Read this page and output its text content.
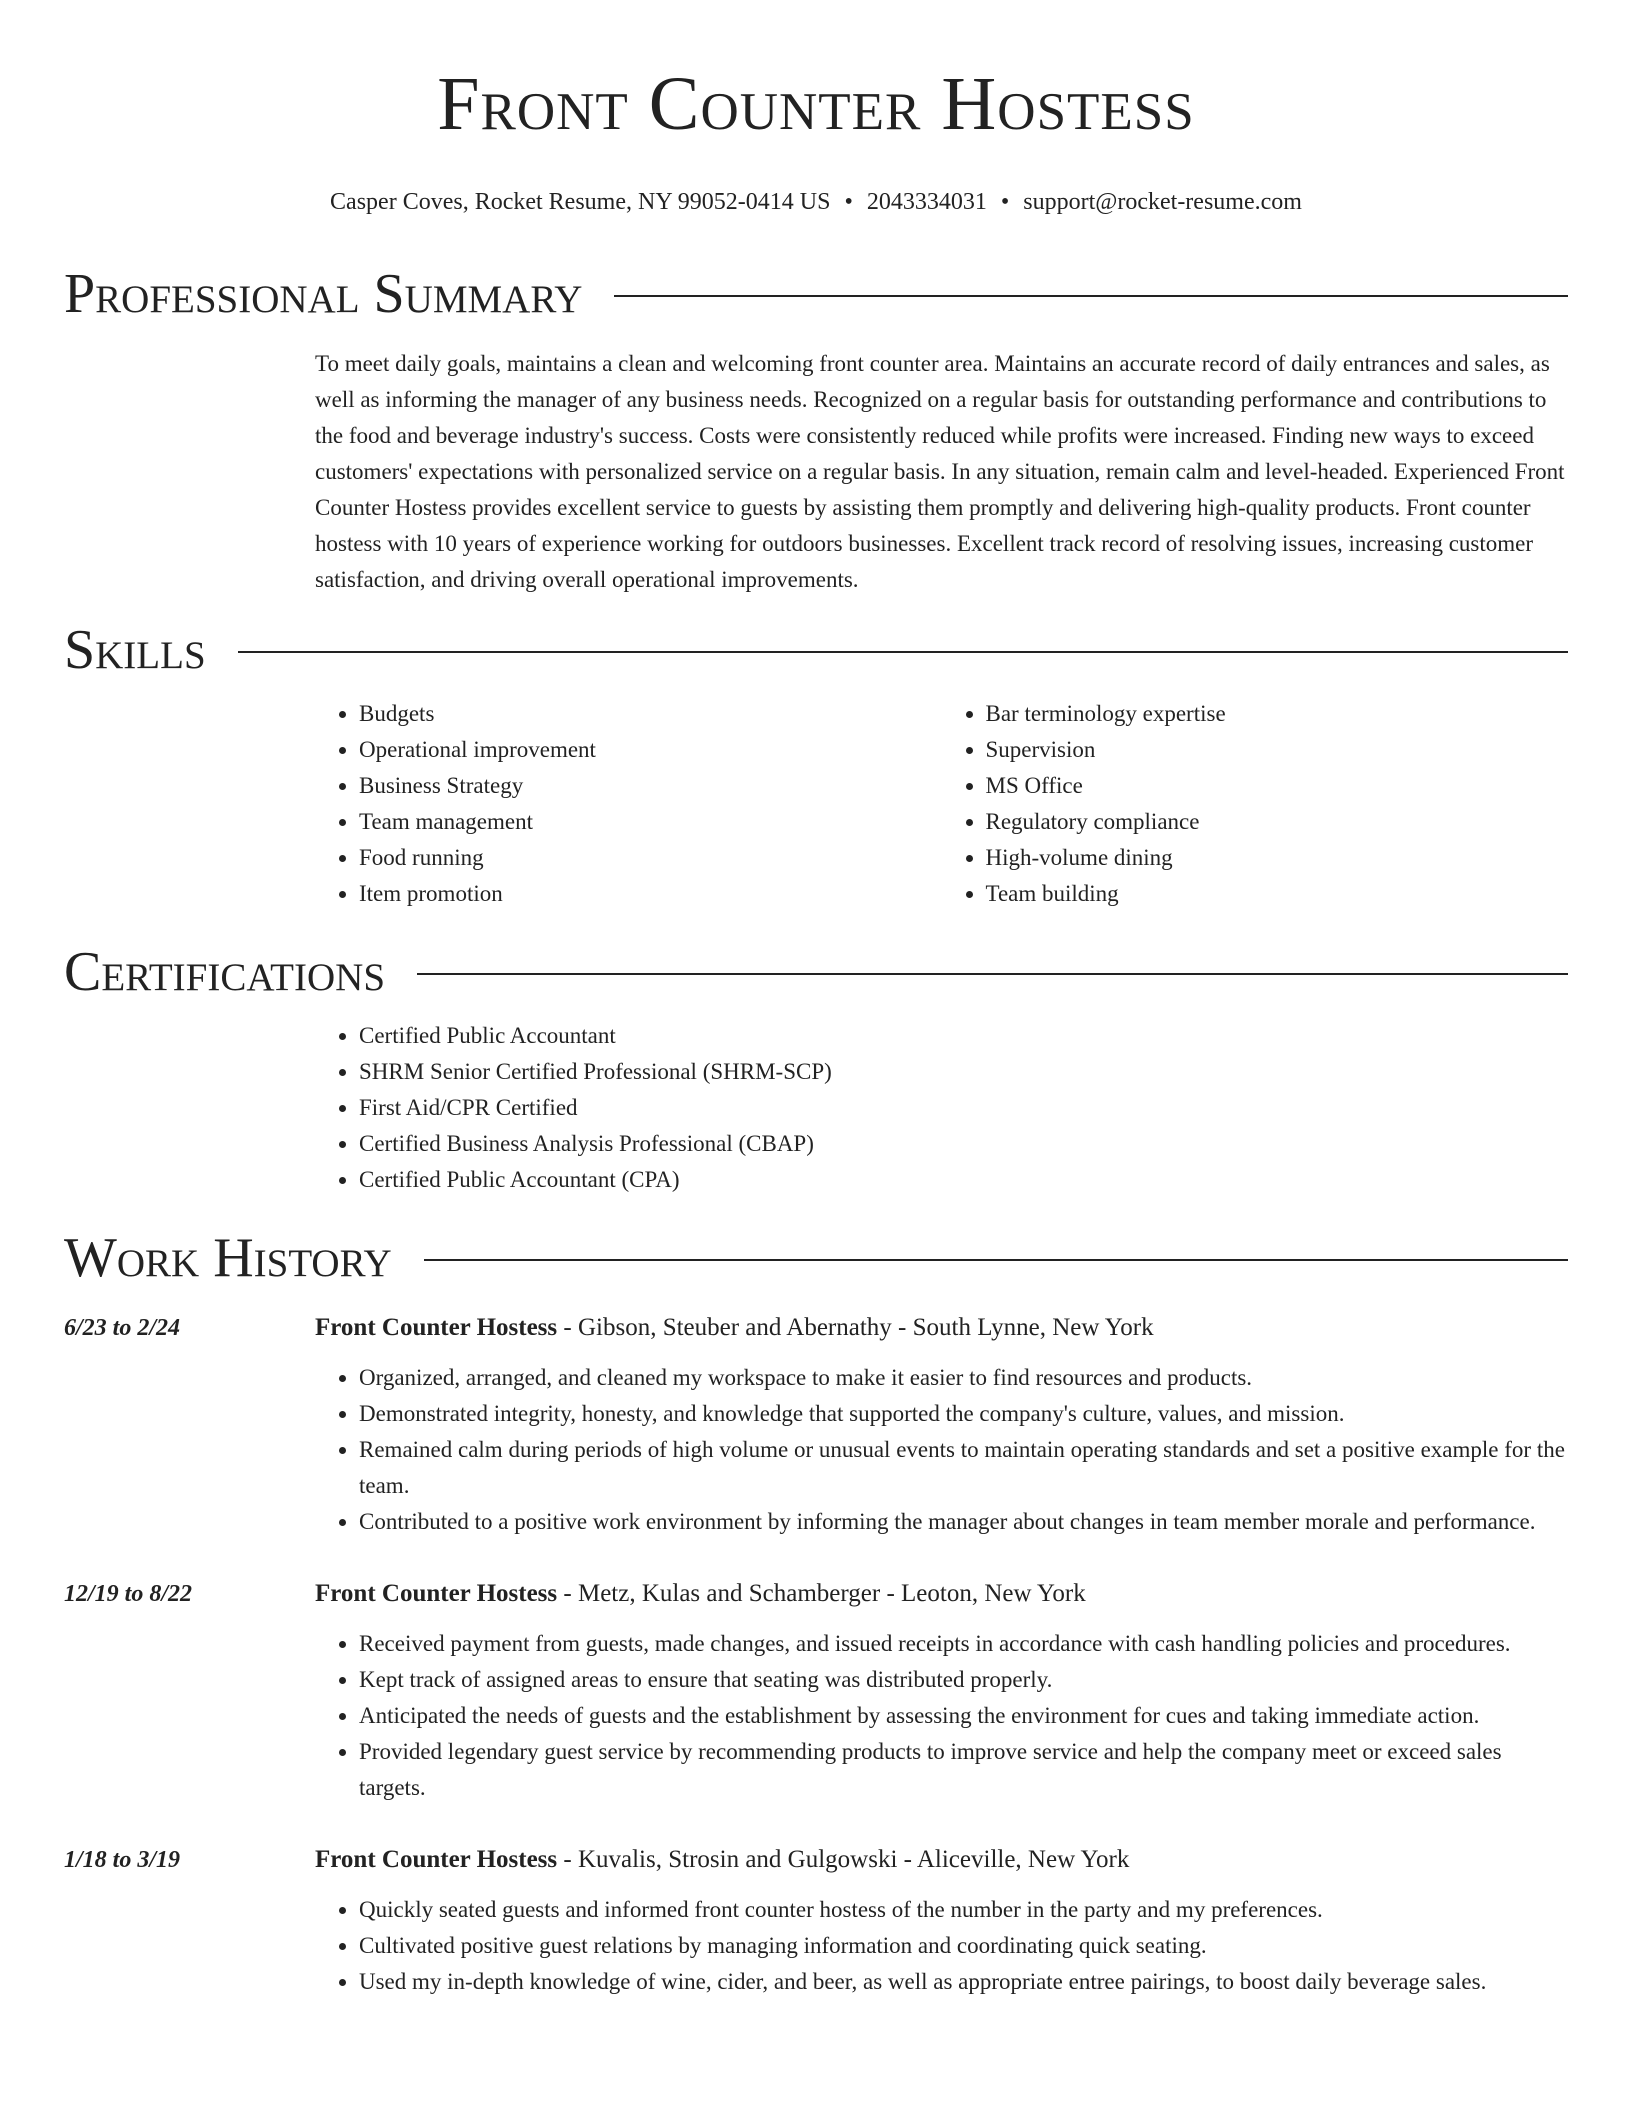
Front Counter Hostess
Casper Coves, Rocket Resume, NY 99052-0414 US • 2043334031 • support@rocket-resume.com
Professional Summary

To meet daily goals, maintains a clean and welcoming front counter area. Maintains an accurate record of daily entrances and sales, as well as informing the manager of any business needs. Recognized on a regular basis for outstanding performance and contributions to the food and beverage industry's success. Costs were consistently reduced while profits were increased. Finding new ways to exceed customers' expectations with personalized service on a regular basis. In any situation, remain calm and level-headed. Experienced Front Counter Hostess provides excellent service to guests by assisting them promptly and delivering high-quality products. Front counter hostess with 10 years of experience working for outdoors businesses. Excellent track record of resolving issues, increasing customer satisfaction, and driving overall operational improvements.

Skills
• Budgets
• Operational improvement
• Business Strategy
• Team management
• Food running
• Item promotion
• Bar terminology expertise
• Supervision
• MS Office
• Regulatory compliance
• High-volume dining
• Team building
Certifications
• Certified Public Accountant
• SHRM Senior Certified Professional (SHRM-SCP)
• First Aid/CPR Certified
• Certified Business Analysis Professional (CBAP)
• Certified Public Accountant (CPA)
Work History
6/23 to 2/24	Front Counter Hostess - Gibson, Steuber and Abernathy - South Lynne, New York
• Organized, arranged, and cleaned my workspace to make it easier to find resources and products.
• Demonstrated integrity, honesty, and knowledge that supported the company's culture, values, and mission.
• Remained calm during periods of high volume or unusual events to maintain operating standards and set a positive example for the team.
• Contributed to a positive work environment by informing the manager about changes in team member morale and performance.
12/19 to 8/22	Front Counter Hostess - Metz, Kulas and Schamberger - Leoton, New York
• Received payment from guests, made changes, and issued receipts in accordance with cash handling policies and procedures.
• Kept track of assigned areas to ensure that seating was distributed properly.
• Anticipated the needs of guests and the establishment by assessing the environment for cues and taking immediate action.
• Provided legendary guest service by recommending products to improve service and help the company meet or exceed sales targets.
1/18 to 3/19	Front Counter Hostess - Kuvalis, Strosin and Gulgowski - Aliceville, New York
• Quickly seated guests and informed front counter hostess of the number in the party and my preferences.
• Cultivated positive guest relations by managing information and coordinating quick seating.
• Used my in-depth knowledge of wine, cider, and beer, as well as appropriate entree pairings, to boost daily beverage sales.
